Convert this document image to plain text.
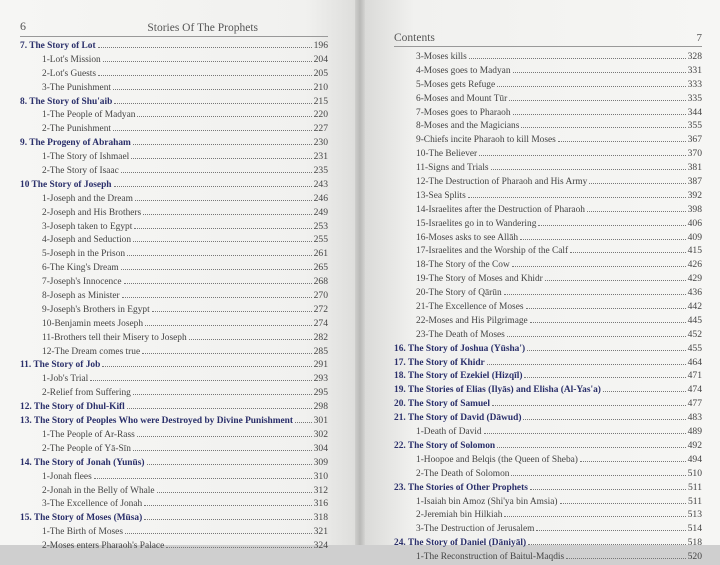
6	Stories Of The Prophets
7. The Story of Lot	196
1-Lot's Mission	204
2-Lot's Guests	205
3-The Punishment	210
8. The Story of Shu'aib	215
1-The People of Madyan	220
2-The Punishment	227
9. The Progeny of Abraham	230
1-The Story of Ishmael	231
2-The Story of Isaac	235
10 The Story of Joseph	243
1-Joseph and the Dream	246
2-Joseph and His Brothers	249
3-Joseph taken to Egypt	253
4-Joseph and Seduction	255
5-Joseph in the Prison	261
6-The King's Dream	265
7-Joseph's Innocence	268
8-Joseph as Minister	270
9-Joseph's Brothers in Egypt	272
10-Benjamin meets Joseph	274
11-Brothers tell their Misery to Joseph	282
12-The Dream comes true	285
11. The Story of Job	291
1-Job's Trial	293
2-Relief from Suffering	295
12. The Story of Dhul-Kifl	298
13. The Story of Peoples Who were Destroyed by Divine Punishment 301
1-The People of Ar-Rass	302
2-The People of Yā-Sīn	304
14. The Story of Jonah (Yunūs)	309
1-Jonah flees	310
2-Jonah in the Belly of Whale	312
3-The Excellence of Jonah	316
15. The Story of Moses (Mūsa)	318
1-The Birth of Moses	321
2-Moses enters Pharaoh's Palace	324
Contents	7
3-Moses kills	328
4-Moses goes to Madyan	331
5-Moses gets Refuge	333
6-Moses and Mount Tūr	335
7-Moses goes to Pharaoh	344
8-Moses and the Magicians	355
9-Chiefs incite Pharaoh to kill Moses	367
10-The Believer	370
11-Signs and Trials	381
12-The Destruction of Pharaoh and His Army	387
13-Sea Splits	392
14-Israelites after the Destruction of Pharaoh	398
15-Israelites go in to Wandering	406
16-Moses asks to see Allāh	409
17-Israelites and the Worship of the Calf	415
18-The Story of the Cow	426
19-The Story of Moses and Khidr	429
20-The Story of Qārūn	436
21-The Excellence of Moses	442
22-Moses and His Pilgrimage	445
23-The Death of Moses	452
16. The Story of Joshua (Yūsha')	455
17. The Story of Khidr	464
18. The Story of Ezekiel (Hizqīl)	471
19. The Stories of Elias (Ilyās) and Elisha (Al-Yas'a)	474
20. The Story of Samuel	477
21. The Story of David (Dāwud)	483
1-Death of David	489
22. The Story of Solomon	492
1-Hoopoe and Belqis (the Queen of Sheba)	494
2-The Death of Solomon	510
23. The Stories of Other Prophets	511
1-Isaiah bin Amoz (Shi'ya bin Amsia)	511
2-Jeremiah bin Hilkiah	513
3-The Destruction of Jerusalem	514
24. The Story of Daniel (Dāniyāl)	518
1-The Reconstruction of Baitul-Maqdis	520
